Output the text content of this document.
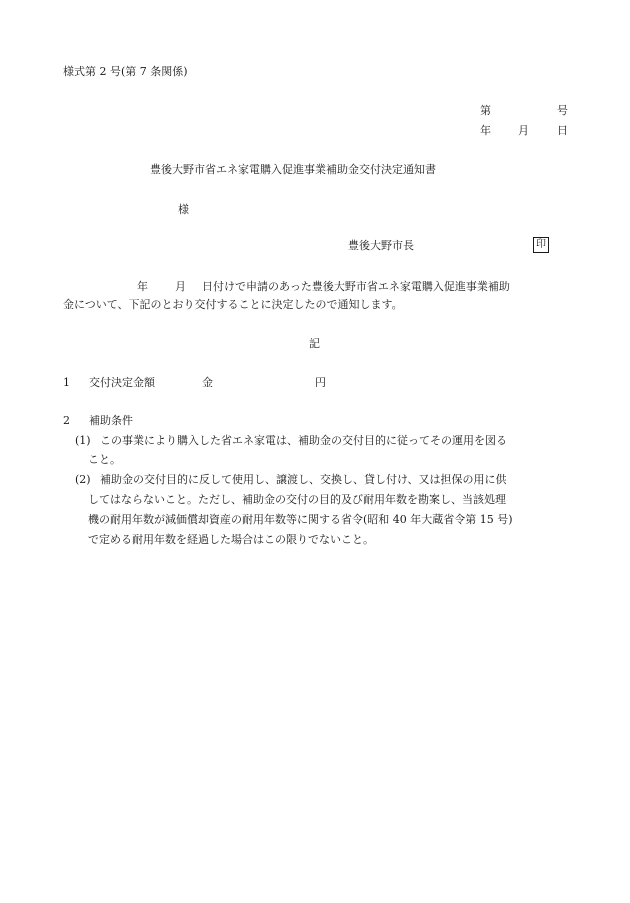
様式第 2 号(第 7 条関係)
第	号
年 月	日
豊後大野市省エネ家電購入促進事業補助金交付決定通知書
様
豊後大野市長	印
年 月 日付けで申請のあった豊後大野市省エネ家電購入促進事業補助
金について、下記のとおり交付することに決定したので通知します。
記
1 交付決定金額	金	円
2 補助条件
(1) この事業により購入した省エネ家電は、補助金の交付目的に従ってその運用を図る
こと。
(2) 補助金の交付目的に反して使用し、譲渡し、交換し、貸し付け、又は担保の用に供
してはならないこと。ただし、補助金の交付の目的及び耐用年数を勘案し、当該処理
機の耐用年数が減価償却資産の耐用年数等に関する省令(昭和 40 年大蔵省令第 15 号)
で定める耐用年数を経過した場合はこの限りでないこと。
